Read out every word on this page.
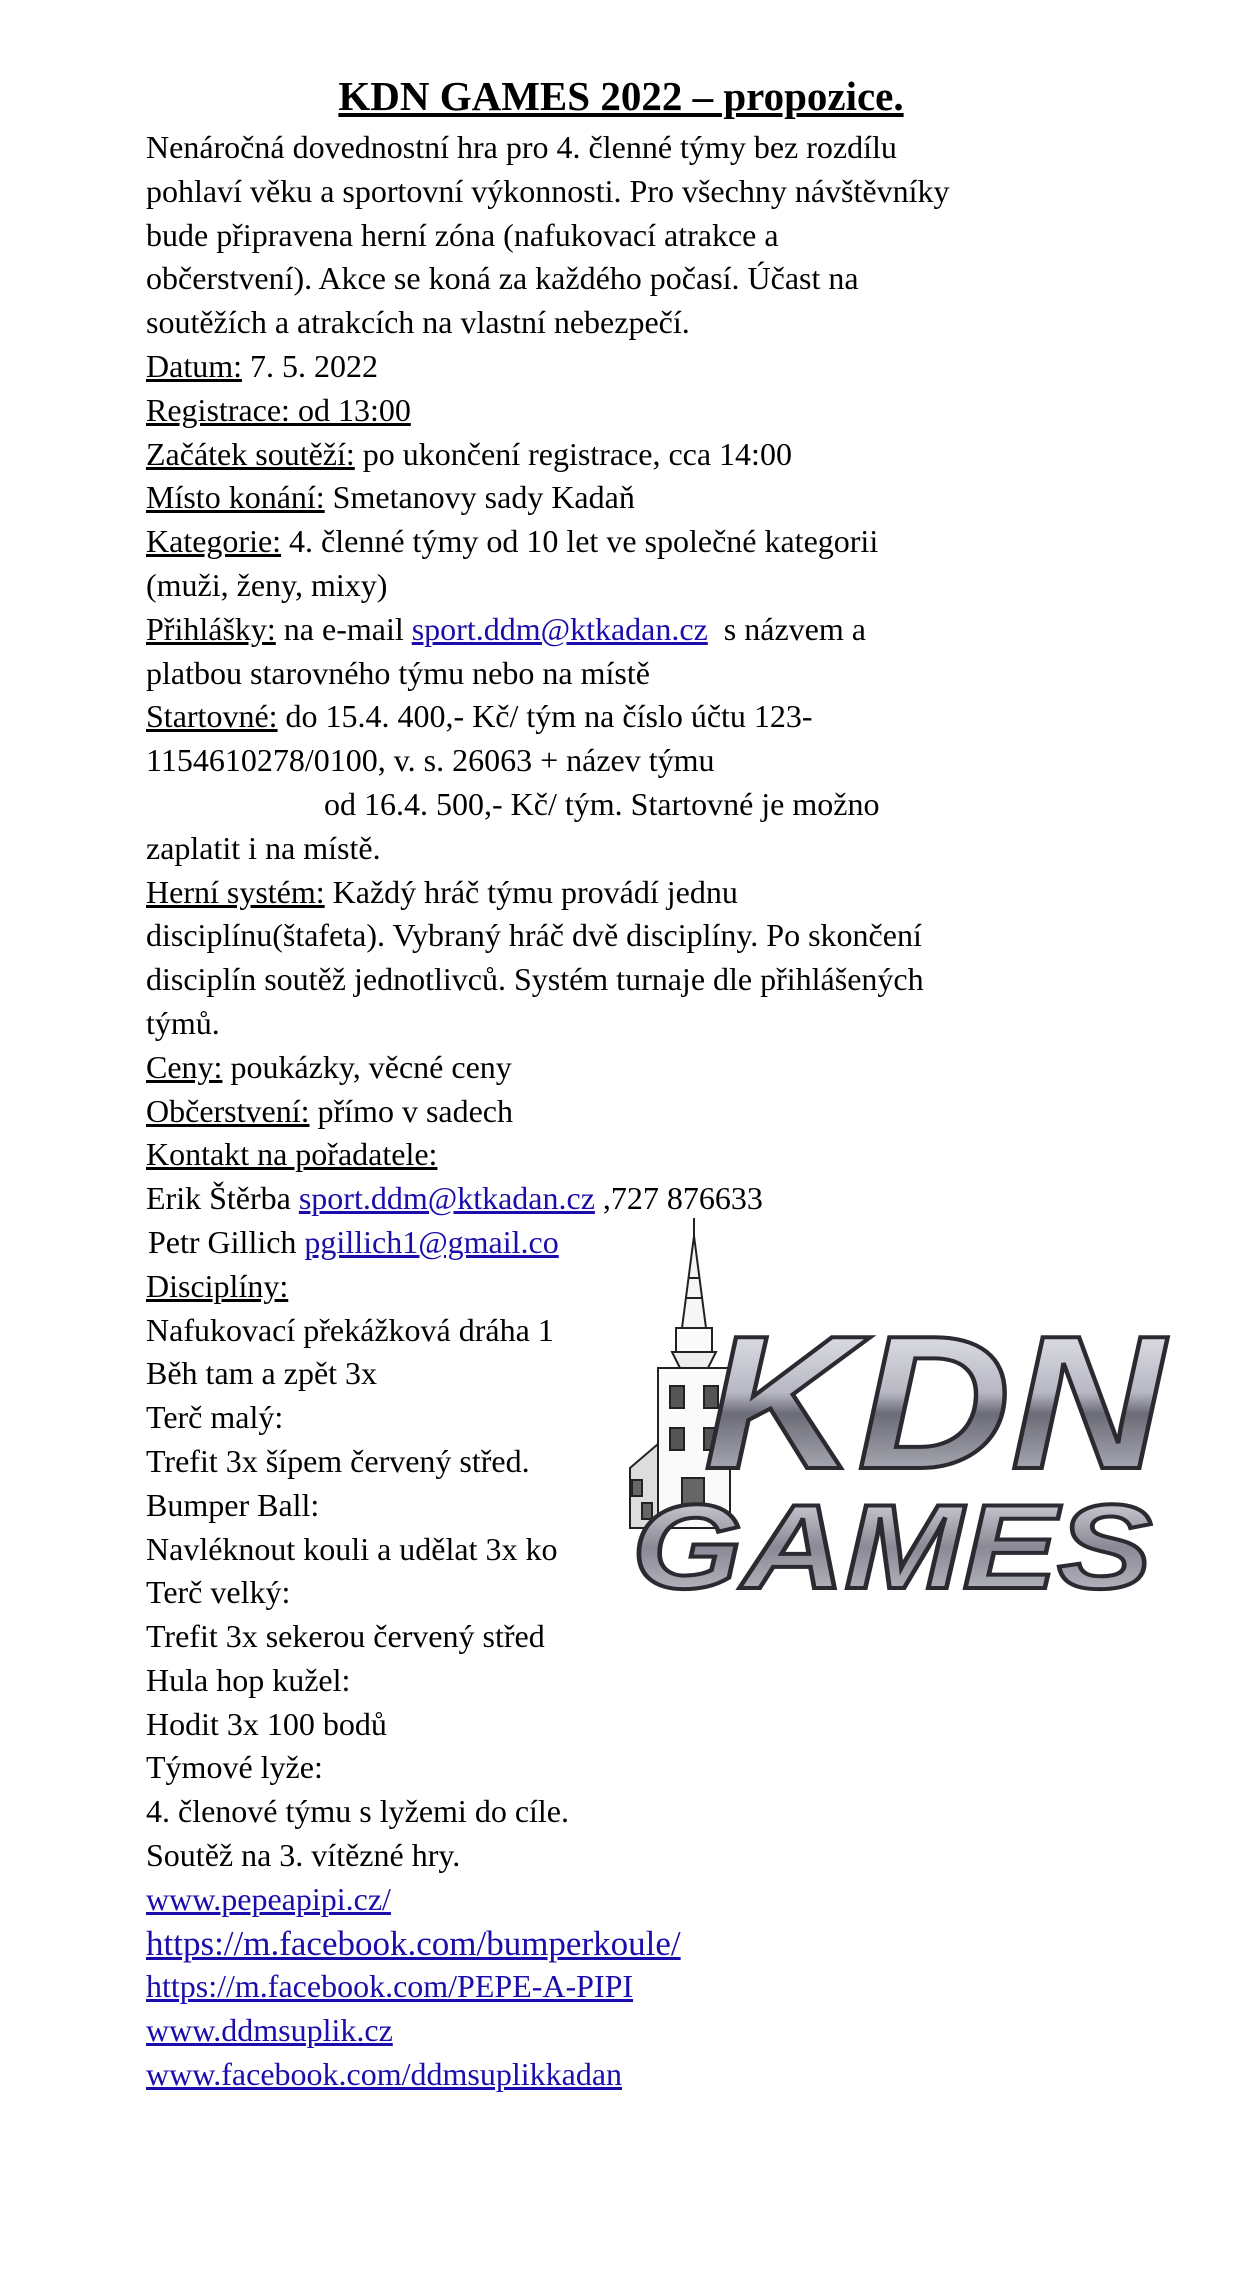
KDN GAMES 2022 – propozice.
Nenáročná dovednostní hra pro 4. členné týmy bez rozdílu
pohlaví věku a sportovní výkonnosti. Pro všechny návštěvníky
bude připravena herní zóna (nafukovací atrakce a
občerstvení). Akce se koná za každého počasí. Účast na
soutěžích a atrakcích na vlastní nebezpečí.
Datum: 7. 5. 2022
Registrace: od 13:00
Začátek soutěží: po ukončení registrace, cca 14:00
Místo konání: Smetanovy sady Kadaň
Kategorie: 4. členné týmy od 10 let ve společné kategorii
(muži, ženy, mixy)
Přihlášky: na e-mail sport.ddm@ktkadan.cz  s názvem a
platbou starovného týmu nebo na místě
Startovné: do 15.4. 400,- Kč/ tým na číslo účtu 123-
1154610278/0100, v. s. 26063 + název týmu
od 16.4. 500,- Kč/ tým. Startovné je možno
zaplatit i na místě.
Herní systém: Každý hráč týmu provádí jednu
disciplínu(štafeta). Vybraný hráč dvě disciplíny. Po skončení
disciplín soutěž jednotlivců. Systém turnaje dle přihlášených
týmů.
Ceny: poukázky, věcné ceny
Občerstvení: přímo v sadech
Kontakt na pořadatele:
Erik Štěrba sport.ddm@ktkadan.cz ,727 876633
Petr Gillich pgillich1@gmail.co
Disciplíny:
Nafukovací překážková dráha 1
Běh tam a zpět 3x
Terč malý:
Trefit 3x šípem červený střed.
Bumper Ball:
Navléknout kouli a udělat 3x ko
Terč velký:
Trefit 3x sekerou červený střed
Hula hop kužel:
Hodit 3x 100 bodů
Týmové lyže:
4. členové týmu s lyžemi do cíle.
Soutěž na 3. vítězné hry.
www.pepeapipi.cz/
https://m.facebook.com/bumperkoule/
https://m.facebook.com/PEPE-A-PIPI
www.ddmsuplik.cz
www.facebook.com/ddmsuplikkadan
KDN
GAMES
